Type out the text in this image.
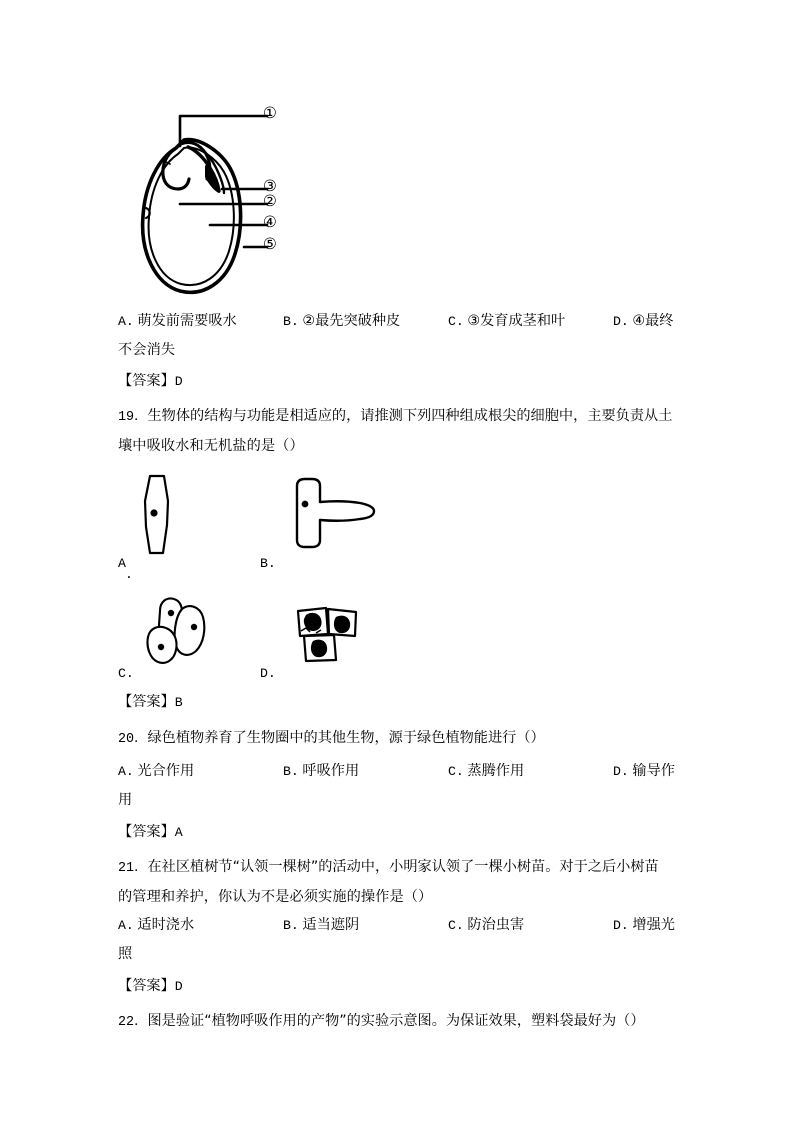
①
③
②
④
⑤
A. 萌发前需要吸水	B. ②最先突破种皮	C. ③发育成茎和叶	D. ④最终
不会消失
【答案】D
19．生物体的结构与功能是相适应的，请推测下列四种组成根尖的细胞中，主要负责从土
壤中吸收水和无机盐的是（）
A
.
B.
C.	D.
【答案】B
20．绿色植物养育了生物圈中的其他生物，源于绿色植物能进行（）
A. 光合作用	B. 呼吸作用	C. 蒸腾作用	D. 输导作
用
【答案】A
21．在社区植树节“认领一棵树”的活动中，小明家认领了一棵小树苗。对于之后小树苗
的管理和养护，你认为不是必须实施的操作是（）
A. 适时浇水	B. 适当遮阴	C. 防治虫害	D. 增强光
照
【答案】D
22．图是验证“植物呼吸作用的产物”的实验示意图。为保证效果，塑料袋最好为（）
